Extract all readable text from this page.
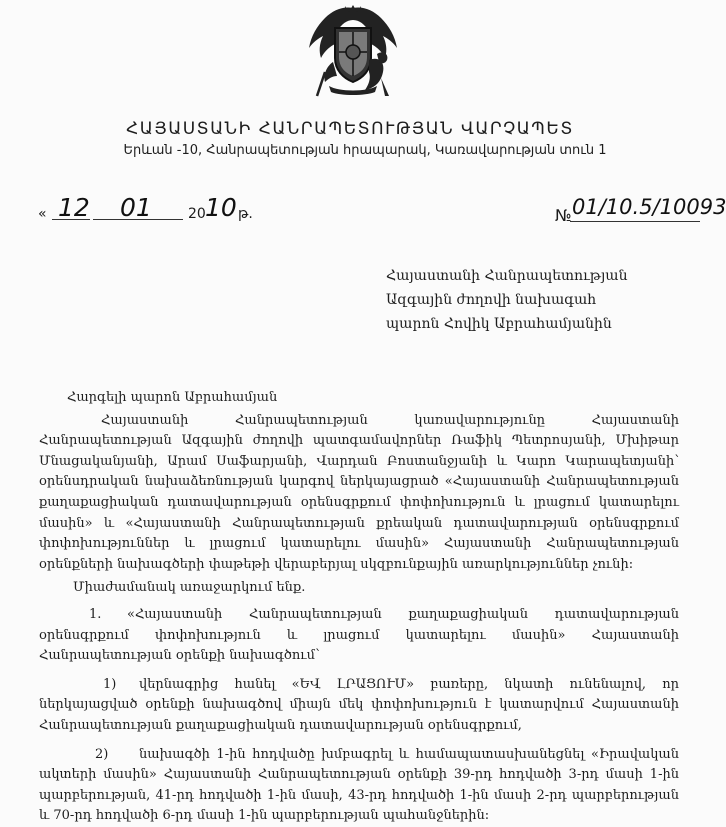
ՀԱՅԱՍՏԱՆԻ ՀԱՆՐԱՊԵՏՈՒԹՅԱՆ ՎԱՐՉԱՊԵՏ
Երևան -10, Հանրապետության հրապարակ, Կառավարության տուն 1
« 12 01	20 10 թ.	№ 01/10.5/10093
Հայաստանի Հանրապետության
Ազգային ժողովի նախագահ
պարոն Հովիկ Աբրահամյանին

Հարգելի պարոն Աբրահամյան

Հայաստանի Հանրապետության կառավարությունը Հայաստանի Հանրապետության Ազգային ժողովի պատգամավորներ Ռաֆիկ Պետրոսյանի, Մխիթար Մնացականյանի, Արամ Սաֆարյանի, Վարդան Բոստանջյանի և Կարո Կարապետյանի՝ օրենսդրական նախաձեռնության կարգով ներկայացրած «Հայաստանի Հանրապետության քաղաքացիական դատավարության օրենսգրքում փոփոխություն և լրացում կատարելու մասին» և «Հայաստանի Հանրապետության քրեական դատավարության օրենսգրքում փոփոխություններ և լրացում կատարելու մասին» Հայաստանի Հանրապետության օրենքների նախագծերի փաթեթի վերաբերյալ սկզբունքային առարկություններ չունի:

Միաժամանակ առաջարկում ենք.

1. «Հայաստանի Հանրապետության քաղաքացիական դատավարության օրենսգրքում փոփոխություն և լրացում կատարելու մասին» Հայաստանի Հանրապետության օրենքի նախագծում՝

1) վերնագրից հանել «ԵՎ ԼՐԱՑՈՒՄ» բառերը, նկատի ունենալով, որ ներկայացված օրենքի նախագծով միայն մեկ փոփոխություն է կատարվում Հայաստանի Հանրապետության քաղաքացիական դատավարության օրենսգրքում,

2) նախագծի 1-ին հոդվածը խմբագրել և համապատասխանեցնել «Իրավական ակտերի մասին» Հայաստանի Հանրապետության օրենքի 39-րդ հոդվածի 3-րդ մասի 1-ին պարբերության, 41-րդ հոդվածի 1-ին մասի, 43-րդ հոդվածի 1-ին մասի 2-րդ պարբերության և 70-րդ հոդվածի 6-րդ մասի 1-ին պարբերության պահանջներին:
